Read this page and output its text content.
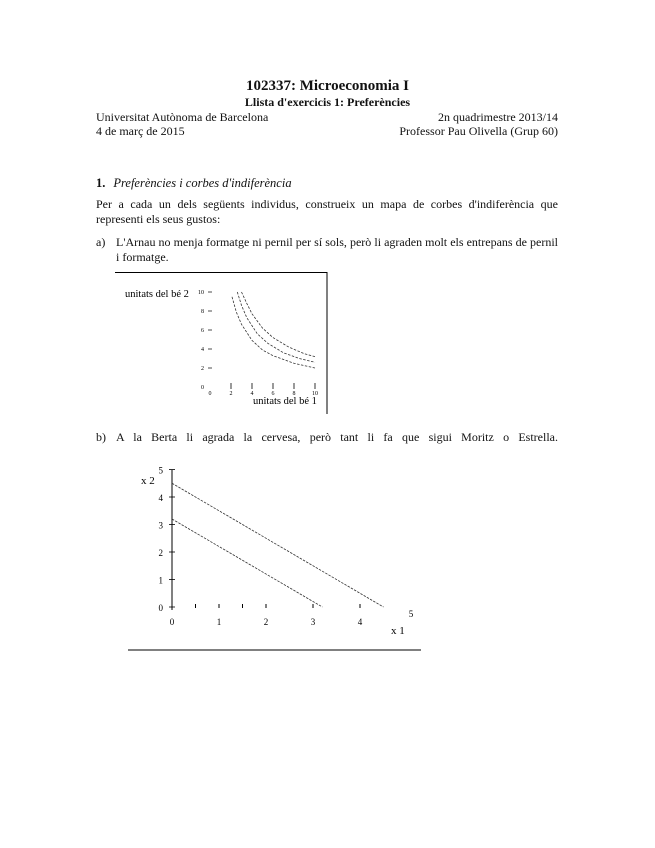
102337: Microeconomia I
Llista d'exercicis 1: Preferències
Universitat Autònoma de Barcelona	2n quadrimestre 2013/14
4 de març de 2015	Professor Pau Olivella (Grup 60)
1. Preferències i corbes d'indiferència
Per a cada un dels següents individus, construeix un mapa de corbes d'indiferència que representi els seus gustos:
a) L'Arnau no menja formatge ni pernil per sí sols, però li agraden molt els entrepans de pernil i formatge.
unitats del bé 2
unitats del bé 1
0
2
4
6
8
10
0	2	4	6	8	10
b) A la Berta li agrada la cervesa, però tant li fa que sigui Moritz o Estrella.
x 2
x 1
0
1
2
3
4
5
0	1	2	3	4
5
